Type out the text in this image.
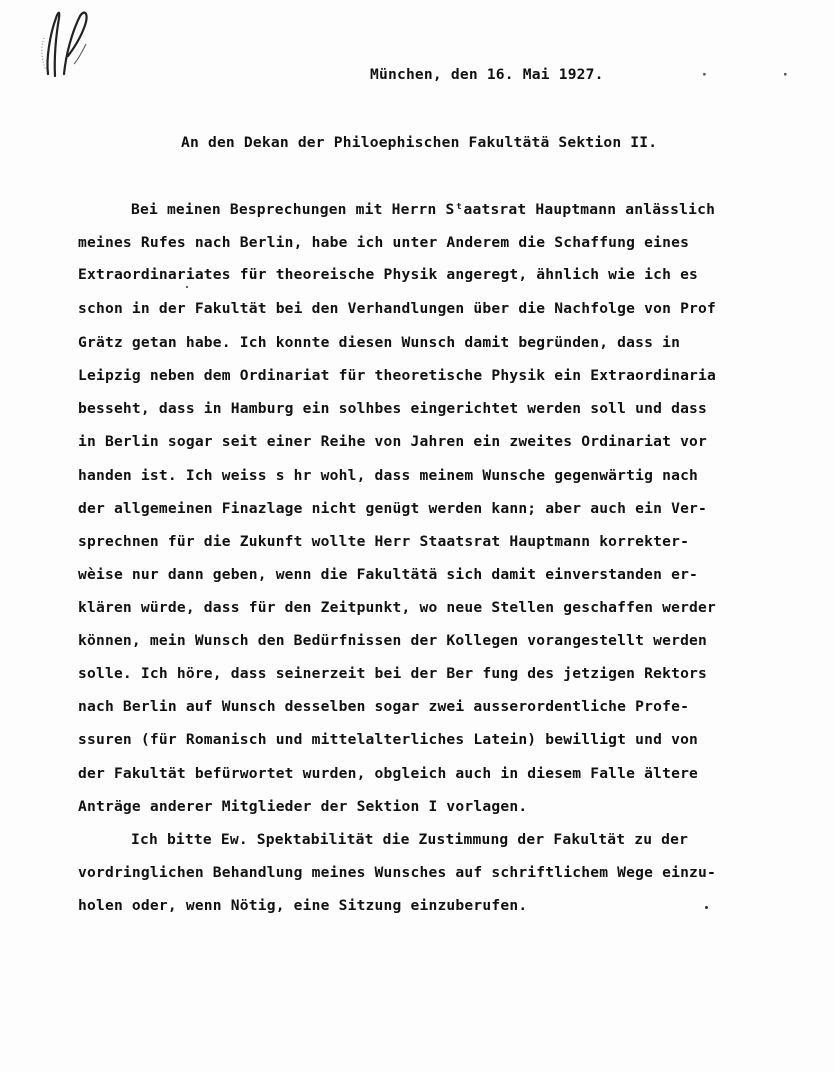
München, den 16. Mai 1927.	·        ·
An den Dekan der Philoephischen Fakultätä Sektion II.
Bei meinen Besprechungen mit Herrn Sᵗaatsrat Hauptmann anlässlich
meines Rufes nach Berlin, habe ich unter Anderem die Schaffung eines
Extraordinariates für theoreische Physik angeregt, ähnlich wie ich es
schon in der Fakultät bei den Verhandlungen über die Nachfolge von Prof
Grätz getan habe. Ich konnte diesen Wunsch damit begründen, dass in
Leipzig neben dem Ordinariat für theoretische Physik ein Extraordinaria
besseht, dass in Hamburg ein solhbes eingerichtet werden soll und dass
in Berlin sogar seit einer Reihe von Jahren ein zweites Ordinariat vor
handen ist. Ich weiss s hr wohl, dass meinem Wunsche gegenwärtig nach
der allgemeinen Finazlage nicht genügt werden kann; aber auch ein Ver-
sprechnen für die Zukunft wollte Herr Staatsrat Hauptmann korrekter-
wèise nur dann geben, wenn die Fakultätä sich damit einverstanden er-
klären würde, dass für den Zeitpunkt, wo neue Stellen geschaffen werder
können, mein Wunsch den Bedürfnissen der Kollegen vorangestellt werden
solle. Ich höre, dass seinerzeit bei der Ber fung des jetzigen Rektors
nach Berlin auf Wunsch desselben sogar zwei ausserordentliche Profe-
ssuren (für Romanisch und mittelalterliches Latein) bewilligt und von
der Fakultät befürwortet wurden, obgleich auch in diesem Falle ältere
Anträge anderer Mitglieder der Sektion I vorlagen.
Ich bitte Ew. Spektabilität die Zustimmung der Fakultät zu der
vordringlichen Behandlung meines Wunsches auf schriftlichem Wege einzu-
holen oder, wenn Nötig, eine Sitzung einzuberufen.
